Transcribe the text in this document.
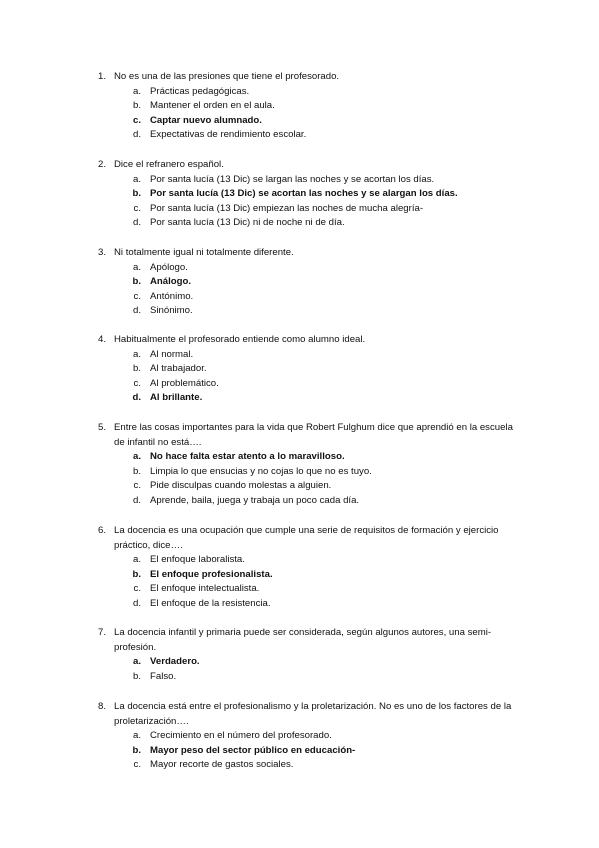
1. No es una de las presiones que tiene el profesorado.
a. Prácticas pedagógicas.
b. Mantener el orden en el aula.
c. Captar nuevo alumnado.
d. Expectativas de rendimiento escolar.
2. Dice el refranero español.
a. Por santa lucía (13 Dic) se largan las noches y se acortan los días.
b. Por santa lucía (13 Dic) se acortan las noches y se alargan los días.
c. Por santa lucía (13 Dic) empiezan las noches de mucha alegría-
d. Por santa lucía (13 Dic) ni de noche ni de día.
3. Ni totalmente igual ni totalmente diferente.
a. Apólogo.
b. Análogo.
c. Antónimo.
d. Sinónimo.
4. Habitualmente el profesorado entiende como alumno ideal.
a. Al normal.
b. Al trabajador.
c. Al problemático.
d. Al brillante.
5. Entre las cosas importantes para la vida que Robert Fulghum dice que aprendió en la escuela de infantil no está….
a. No hace falta estar atento a lo maravilloso.
b. Limpia lo que ensucias y no cojas lo que no es tuyo.
c. Pide disculpas cuando molestas a alguien.
d. Aprende, baila, juega y trabaja un poco cada día.
6. La docencia es una ocupación que cumple una serie de requisitos de formación y ejercicio práctico, dice….
a. El enfoque laboralista.
b. El enfoque profesionalista.
c. El enfoque intelectualista.
d. El enfoque de la resistencia.
7. La docencia infantil y primaria puede ser considerada, según algunos autores, una semi-profesión.
a. Verdadero.
b. Falso.
8. La docencia está entre el profesionalismo y la proletarización. No es uno de los factores de la proletarización….
a. Crecimiento en el número del profesorado.
b. Mayor peso del sector público en educación-
c. Mayor recorte de gastos sociales.
